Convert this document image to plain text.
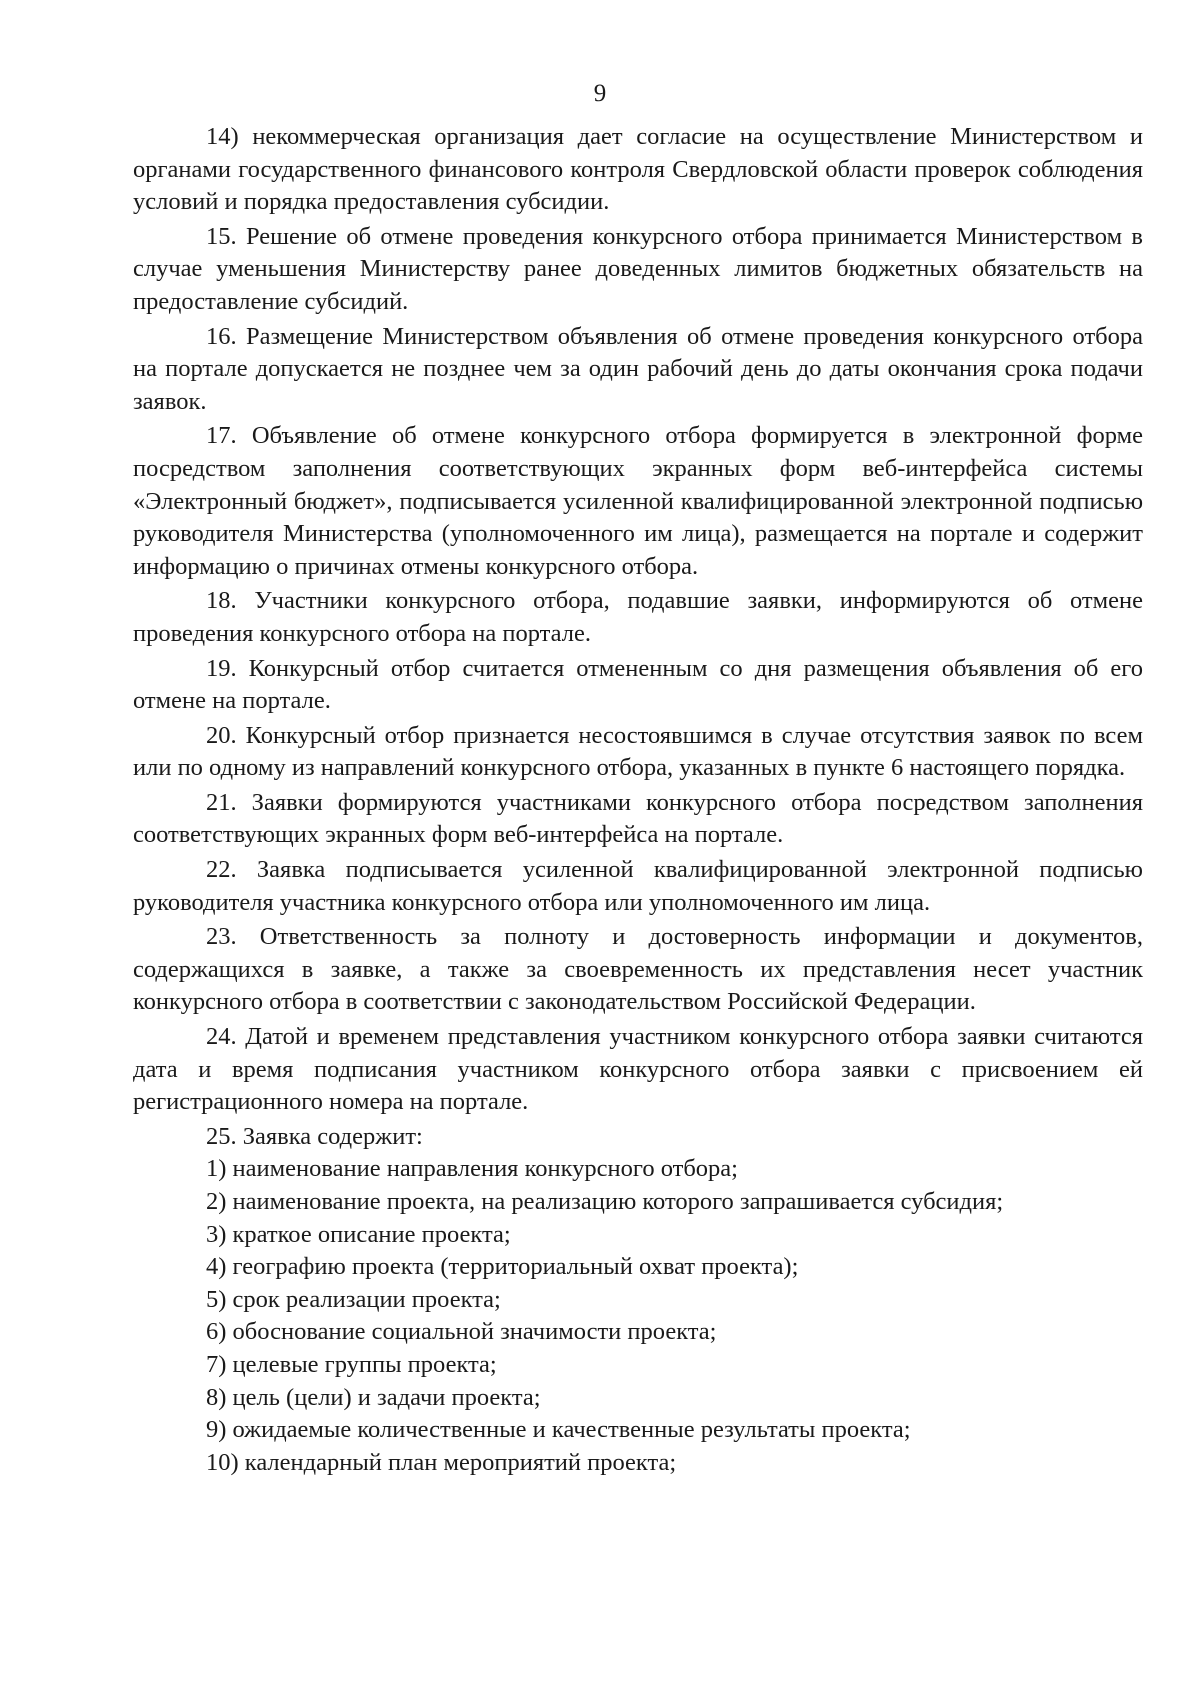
9

14) некоммерческая организация дает согласие на осуществление Министерством и органами государственного финансового контроля Свердловской области проверок соблюдения условий и порядка предоставления субсидии.

15. Решение об отмене проведения конкурсного отбора принимается Министерством в случае уменьшения Министерству ранее доведенных лимитов бюджетных обязательств на предоставление субсидий.

16. Размещение Министерством объявления об отмене проведения конкурсного отбора на портале допускается не позднее чем за один рабочий день до даты окончания срока подачи заявок.

17. Объявление об отмене конкурсного отбора формируется в электронной форме посредством заполнения соответствующих экранных форм веб-интерфейса системы «Электронный бюджет», подписывается усиленной квалифицированной электронной подписью руководителя Министерства (уполномоченного им лица), размещается на портале и содержит информацию о причинах отмены конкурсного отбора.

18. Участники конкурсного отбора, подавшие заявки, информируются об отмене проведения конкурсного отбора на портале.

19. Конкурсный отбор считается отмененным со дня размещения объявления об его отмене на портале.

20. Конкурсный отбор признается несостоявшимся в случае отсутствия заявок по всем или по одному из направлений конкурсного отбора, указанных в пункте 6 настоящего порядка.

21. Заявки формируются участниками конкурсного отбора посредством заполнения соответствующих экранных форм веб-интерфейса на портале.

22. Заявка подписывается усиленной квалифицированной электронной подписью руководителя участника конкурсного отбора или уполномоченного им лица.

23. Ответственность за полноту и достоверность информации и документов, содержащихся в заявке, а также за своевременность их представления несет участник конкурсного отбора в соответствии с законодательством Российской Федерации.

24. Датой и временем представления участником конкурсного отбора заявки считаются дата и время подписания участником конкурсного отбора заявки с присвоением ей регистрационного номера на портале.

25. Заявка содержит:

1) наименование направления конкурсного отбора;

2) наименование проекта, на реализацию которого запрашивается субсидия;

3) краткое описание проекта;

4) географию проекта (территориальный охват проекта);

5) срок реализации проекта;

6) обоснование социальной значимости проекта;

7) целевые группы проекта;

8) цель (цели) и задачи проекта;

9) ожидаемые количественные и качественные результаты проекта;

10) календарный план мероприятий проекта;
